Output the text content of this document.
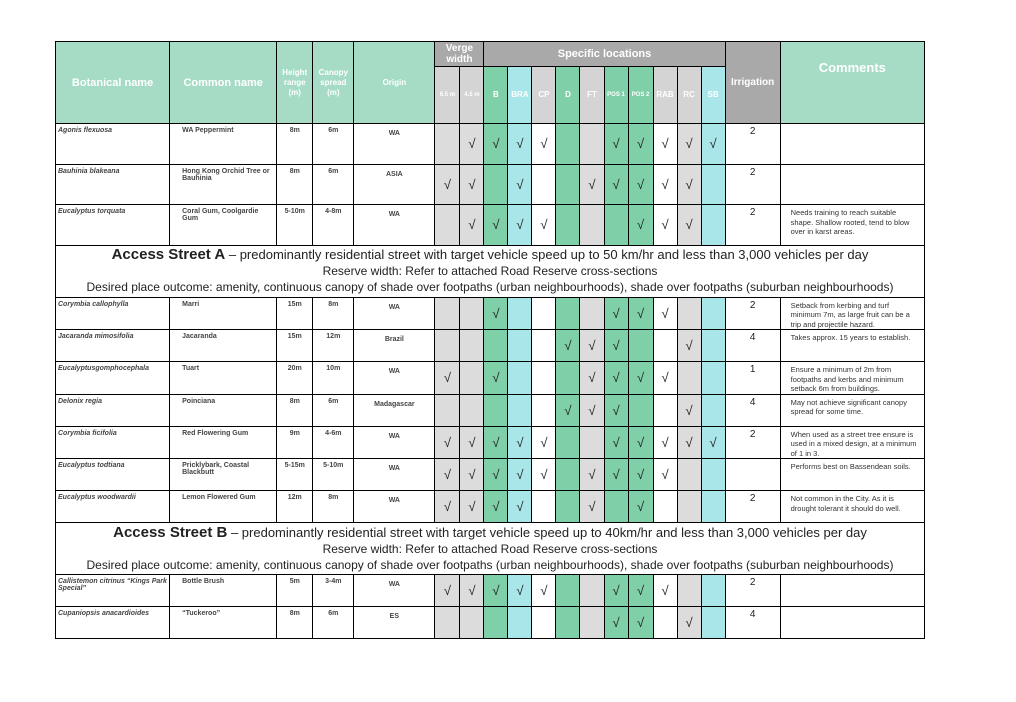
Botanical name	Common name	Height range (m)	Canopy spread (m)	Origin	Verge width		Specific locations										Irrigation	Comments
					6.5 m	4.5 m	B	BRA	CP	D	FT	POS 1	POS 2	RAB	RC	SB		
Agonis flexuosa	WA Peppermint	8m	6m	WA		√	√	√	√			√	√	√	√	√	2	
Bauhinia blakeana	Hong Kong Orchid Tree or Bauhinia	8m	6m	ASIA	√	√		√			√	√	√	√	√		2	
Eucalyptus torquata	Coral Gum, Coolgardie Gum	5-10m	4-8m	WA		√	√	√	√				√	√	√		2	Needs training to reach suitable shape. Shallow rooted, tend to blow over in karst areas.

Access Street A – predominantly residential street with target vehicle speed up to 50 km/hr and less than 3,000 vehicles per day
Reserve width: Refer to attached Road Reserve cross-sections
Desired place outcome: amenity, continuous canopy of shade over footpaths (urban neighbourhoods), shade over footpaths (suburban neighbourhoods)																		

Corymbia callophylla	Marri	15m	8m	WA			√					√	√	√			2	Setback from kerbing and turf minimum 7m, as large fruit can be a trip and projectile hazard.
Jacaranda mimosifolia	Jacaranda	15m	12m	Brazil						√	√	√			√		4	Takes approx. 15 years to establish.
Eucalyptusgomphocephala	Tuart	20m	10m	WA	√		√				√	√	√	√			1	Ensure a minimum of 2m from footpaths and kerbs and minimum setback 6m from buildings.
Delonix regia	Poinciana	8m	6m	Madagascar						√	√	√			√		4	May not achieve significant canopy spread for some time.
Corymbia ficifolia	Red Flowering Gum	9m	4-6m	WA	√	√	√	√	√			√	√	√	√	√	2	When used as a street tree ensure is used in a mixed design, at a minimum of 1 in 3.
Eucalyptus todtiana	Pricklybark, Coastal Blackbutt	5-15m	5-10m	WA	√	√	√	√	√		√	√	√	√				Performs best on Bassendean soils.
Eucalyptus woodwardii	Lemon Flowered Gum	12m	8m	WA	√	√	√	√			√		√				2	Not common in the City. As it is drought tolerant it should do well.

Access Street B – predominantly residential street with target vehicle speed up to 40km/hr and less than 3,000 vehicles per day
Reserve width: Refer to attached Road Reserve cross-sections
Desired place outcome: amenity, continuous canopy of shade over footpaths (urban neighbourhoods), shade over footpaths (suburban neighbourhoods)																		

Callistemon citrinus “Kings Park Special”	Bottle Brush	5m	3-4m	WA	√	√	√	√	√			√	√	√			2	
Cupaniopsis anacardioides	“Tuckeroo”	8m	6m	ES								√	√		√		4	
